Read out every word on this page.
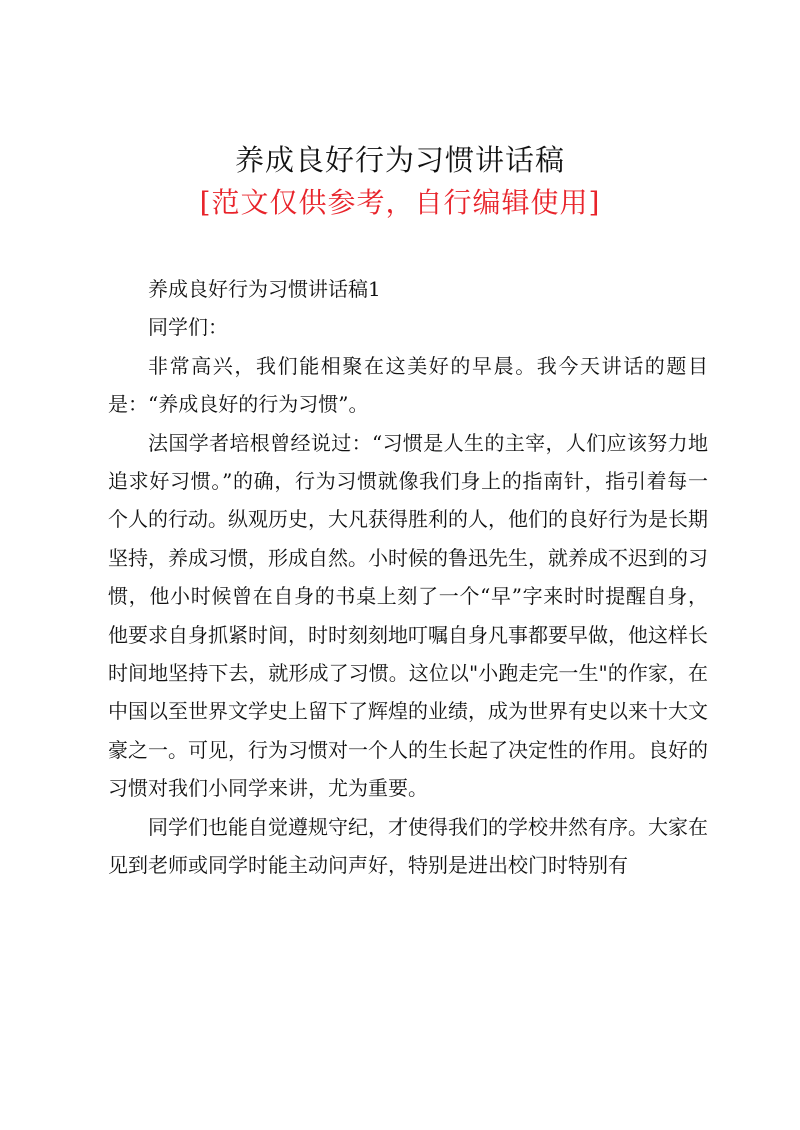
养成良好行为习惯讲话稿
[范文仅供参考，自行编辑使用]

养成良好行为习惯讲话稿1

同学们：

非常高兴，我们能相聚在这美好的早晨。我今天讲话的题目是：“养成良好的行为习惯”。

法国学者培根曾经说过：“习惯是人生的主宰，人们应该努力地追求好习惯。”的确，行为习惯就像我们身上的指南针，指引着每一个人的行动。纵观历史，大凡获得胜利的人，他们的良好行为是长期坚持，养成习惯，形成自然。小时候的鲁迅先生，就养成不迟到的习惯，他小时候曾在自身的书桌上刻了一个“早”字来时时提醒自身，他要求自身抓紧时间，时时刻刻地叮嘱自身凡事都要早做，他这样长时间地坚持下去，就形成了习惯。这位以"小跑走完一生"的作家，在中国以至世界文学史上留下了辉煌的业绩，成为世界有史以来十大文豪之一。可见，行为习惯对一个人的生长起了决定性的作用。良好的习惯对我们小同学来讲，尤为重要。

同学们也能自觉遵规守纪，才使得我们的学校井然有序。大家在见到老师或同学时能主动问声好，特别是进出校门时特别有
